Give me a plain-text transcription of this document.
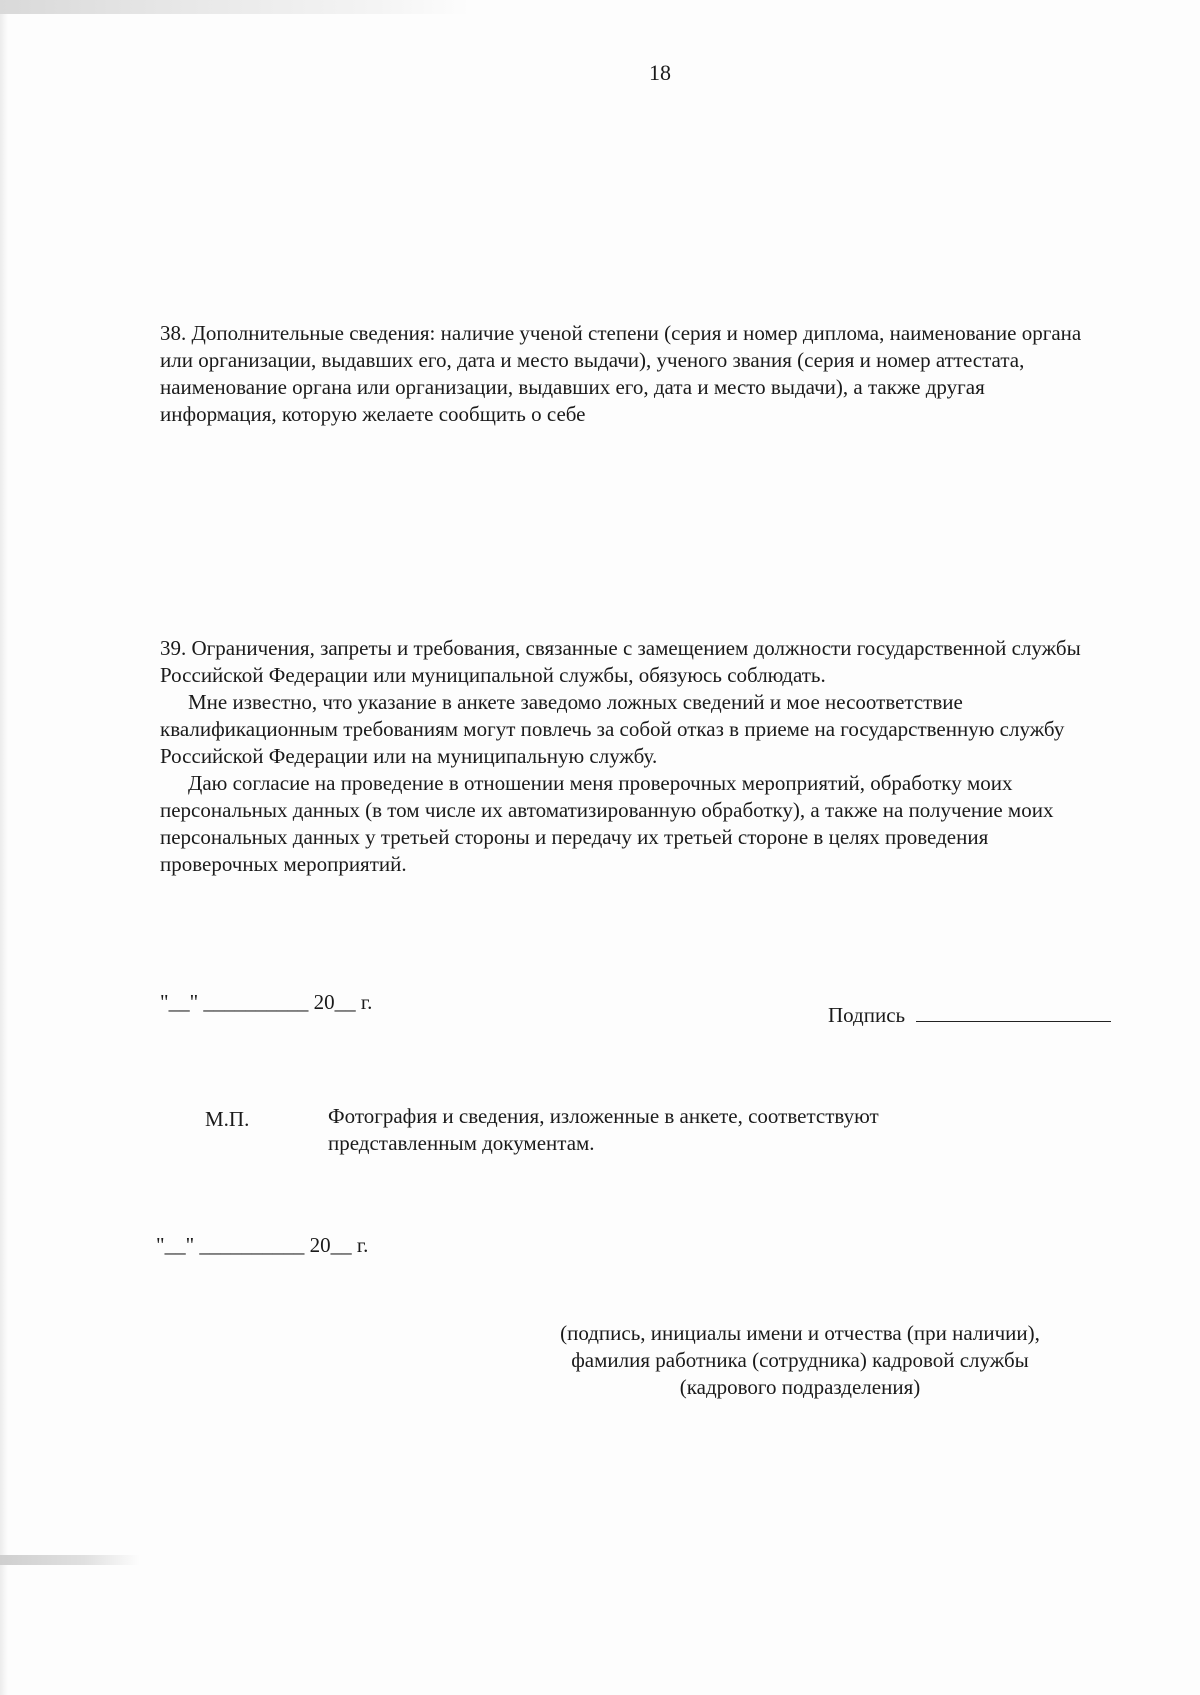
18

38. Дополнительные сведения: наличие ученой степени (серия и номер диплома, наименование органа или организации, выдавших его, дата и место выдачи), ученого звания (серия и номер аттестата, наименование органа или организации, выдавших его, дата и место выдачи), а также другая информация, которую желаете сообщить о себе

39. Ограничения, запреты и требования, связанные с замещением должности государственной службы Российской Федерации или муниципальной службы, обязуюсь соблюдать.
Мне известно, что указание в анкете заведомо ложных сведений и мое несоответствие квалификационным требованиям могут повлечь за собой отказ в приеме на государственную службу Российской Федерации или на муниципальную службу.
Даю согласие на проведение в отношении меня проверочных мероприятий, обработку моих персональных данных (в том числе их автоматизированную обработку), а также на получение моих персональных данных у третьей стороны и передачу их третьей стороне в целях проведения проверочных мероприятий.
"__" __________ 20__ г.
Подпись
М.П.	Фотография и сведения, изложенные в анкете, соответствуют представленным документам.
"__" __________ 20__ г.
(подпись, инициалы имени и отчества (при наличии),
фамилия работника (сотрудника) кадровой службы
(кадрового подразделения)
